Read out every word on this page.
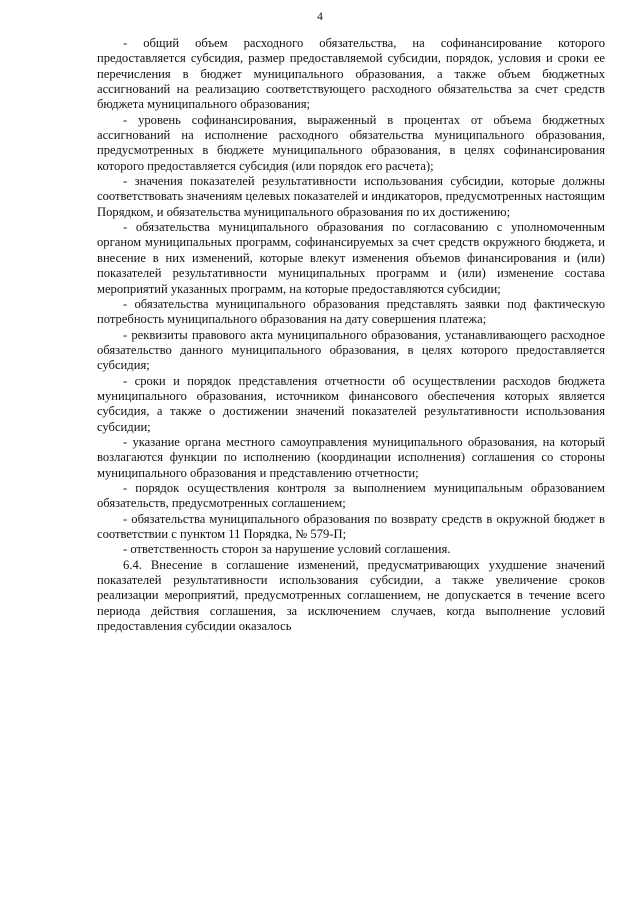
4

- общий объем расходного обязательства, на софинансирование которого предоставляется субсидия, размер предоставляемой субсидии, порядок, условия и сроки ее перечисления в бюджет муниципального образования, а также объем бюджетных ассигнований на реализацию соответствующего расходного обязательства за счет средств бюджета муниципального образования;

- уровень софинансирования, выраженный в процентах от объема бюджетных ассигнований на исполнение расходного обязательства муниципального образования, предусмотренных в бюджете муниципального образования, в целях софинансирования которого предоставляется субсидия (или порядок его расчета);

- значения показателей результативности использования субсидии, которые должны соответствовать значениям целевых показателей и индикаторов, предусмотренных настоящим Порядком, и обязательства муниципального образования по их достижению;

- обязательства муниципального образования по согласованию с уполномоченным органом муниципальных программ, софинансируемых за счет средств окружного бюджета, и внесение в них изменений, которые влекут изменения объемов финансирования и (или) показателей результативности муниципальных программ и (или) изменение состава мероприятий указанных программ, на которые предоставляются субсидии;

- обязательства муниципального образования представлять заявки под фактическую потребность муниципального образования на дату совершения платежа;

- реквизиты правового акта муниципального образования, устанавливающего расходное обязательство данного муниципального образования, в целях которого предоставляется субсидия;

- сроки и порядок представления отчетности об осуществлении расходов бюджета муниципального образования, источником финансового обеспечения которых является субсидия, а также о достижении значений показателей результативности использования субсидии;

- указание органа местного самоуправления муниципального образования, на который возлагаются функции по исполнению (координации исполнения) соглашения со стороны муниципального образования и представлению отчетности;

- порядок осуществления контроля за выполнением муниципальным образованием обязательств, предусмотренных соглашением;

- обязательства муниципального образования по возврату средств в окружной бюджет в соответствии с пунктом 11 Порядка, № 579-П;

- ответственность сторон за нарушение условий соглашения.

6.4. Внесение в соглашение изменений, предусматривающих ухудшение значений показателей результативности использования субсидии, а также увеличение сроков реализации мероприятий, предусмотренных соглашением, не допускается в течение всего периода действия соглашения, за исключением случаев, когда выполнение условий предоставления субсидии оказалось
